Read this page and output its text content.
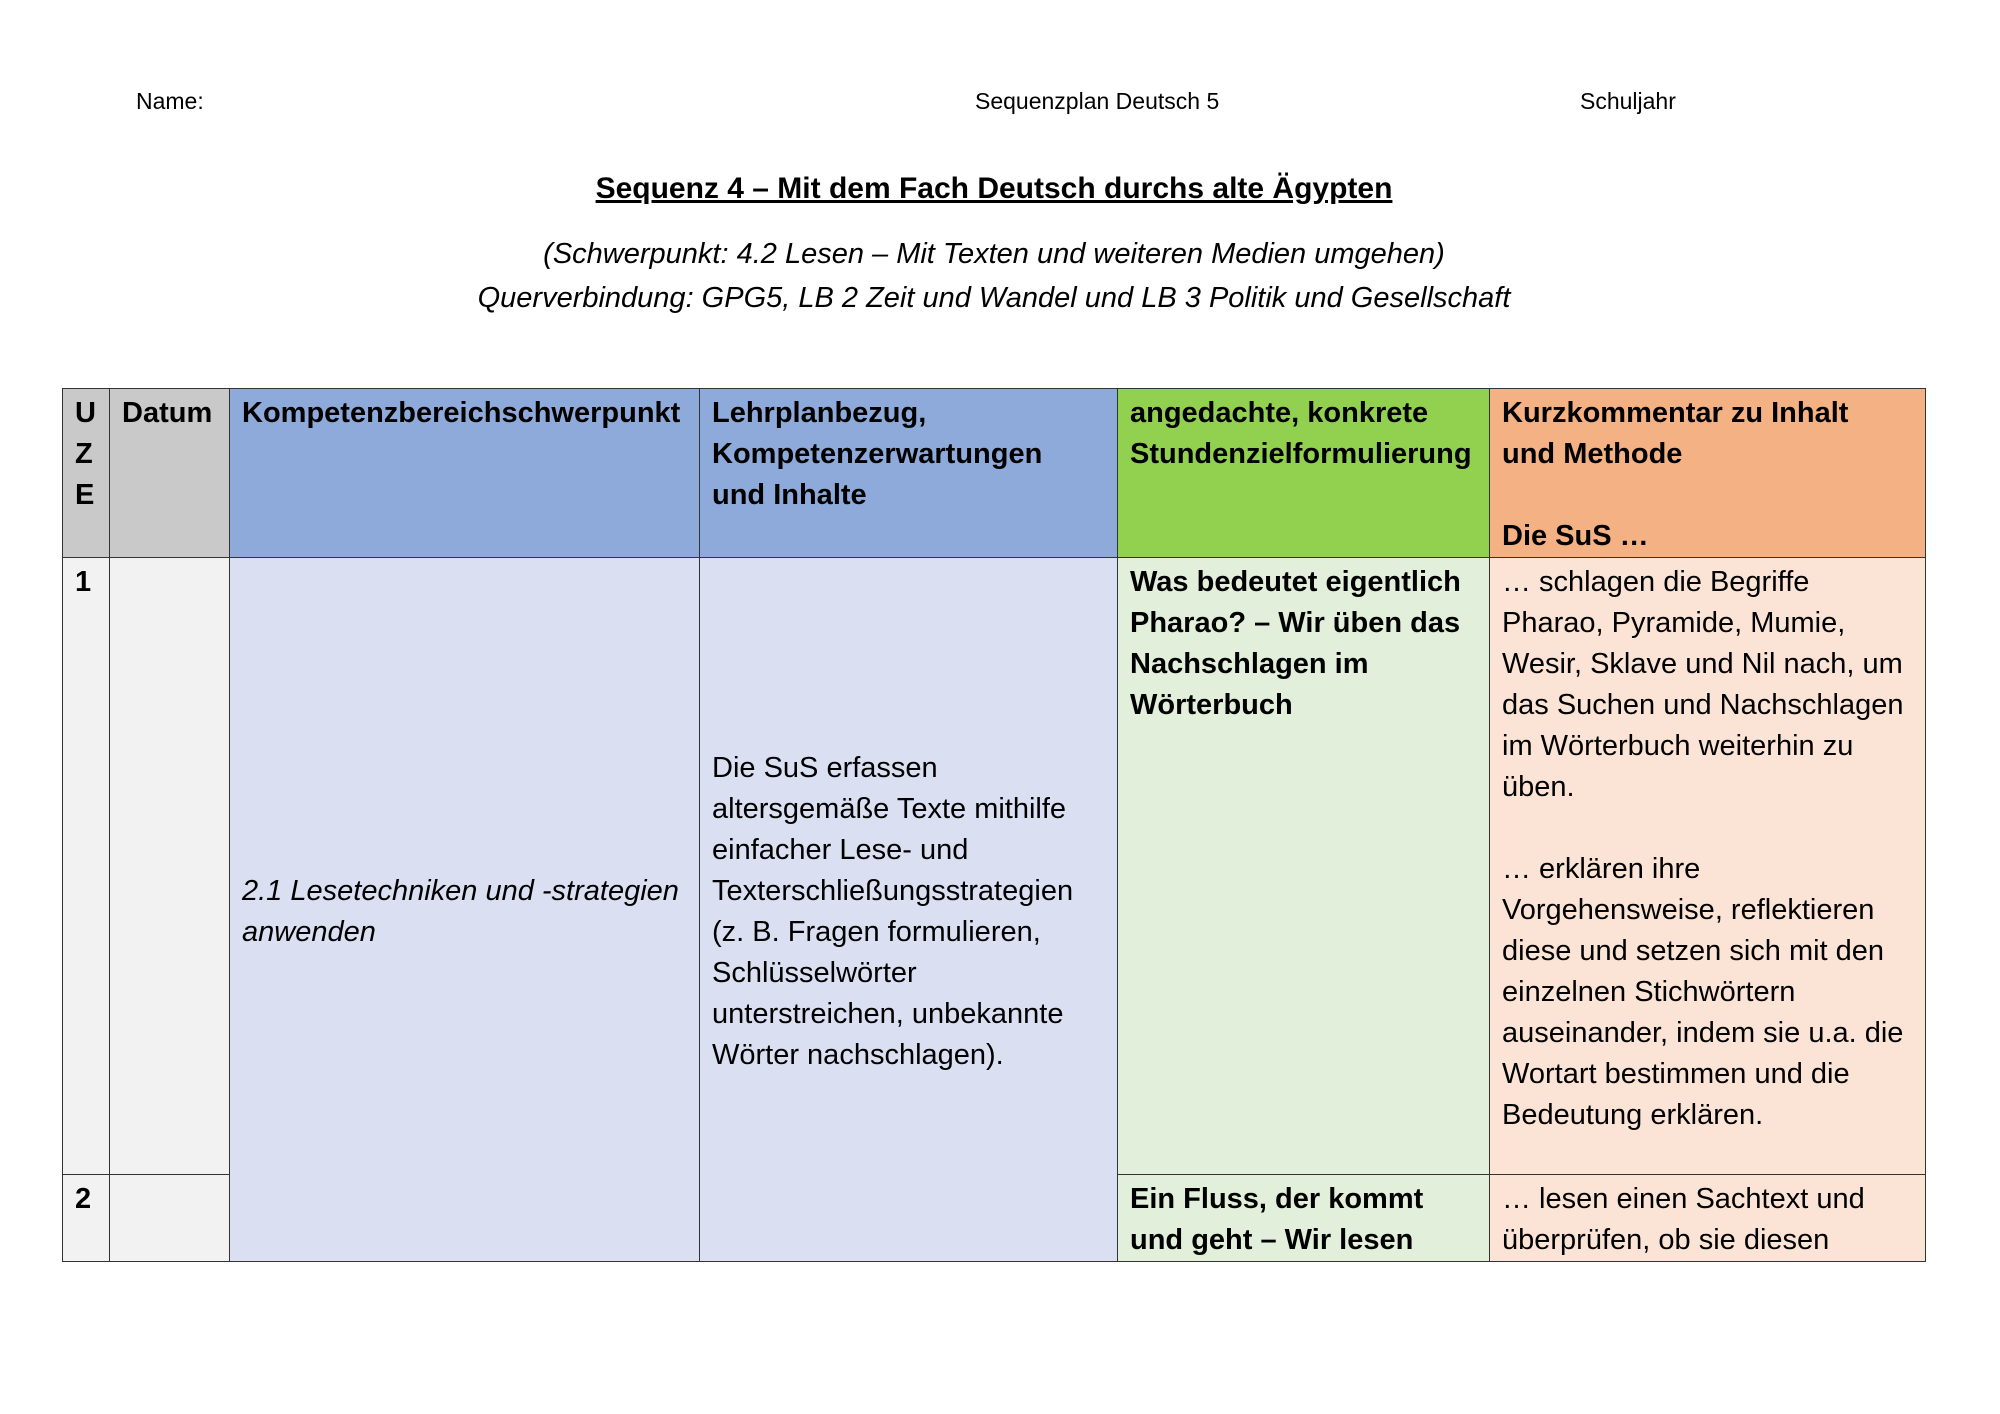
Name:	Sequenzplan Deutsch 5	Schuljahr
Sequenz 4 – Mit dem Fach Deutsch durchs alte Ägypten
(Schwerpunkt: 4.2 Lesen – Mit Texten und weiteren Medien umgehen)
Querverbindung: GPG5, LB 2 Zeit und Wandel und LB 3 Politik und Gesellschaft
U
Z
E	Datum	Kompetenzbereichschwerpunkt	Lehrplanbezug,
Kompetenzerwartungen
und Inhalte	angedachte, konkrete
Stundenzielformulierung	Kurzkommentar zu Inhalt
und Methode

Die SuS …
1		2.1 Lesetechniken und -strategien anwenden	Die SuS erfassen altersgemäße Texte mithilfe einfacher Lese- und Texterschließungsstrategien (z. B. Fragen formulieren, Schlüsselwörter unterstreichen, unbekannte Wörter nachschlagen).	Was bedeutet eigentlich Pharao? – Wir üben das Nachschlagen im Wörterbuch	… schlagen die Begriffe Pharao, Pyramide, Mumie, Wesir, Sklave und Nil nach, um das Suchen und Nachschlagen im Wörterbuch weiterhin zu üben.
… erklären ihre Vorgehensweise, reflektieren diese und setzen sich mit den einzelnen Stichwörtern auseinander, indem sie u.a. die Wortart bestimmen und die Bedeutung erklären.
2				Ein Fluss, der kommt und geht – Wir lesen	… lesen einen Sachtext und überprüfen, ob sie diesen
